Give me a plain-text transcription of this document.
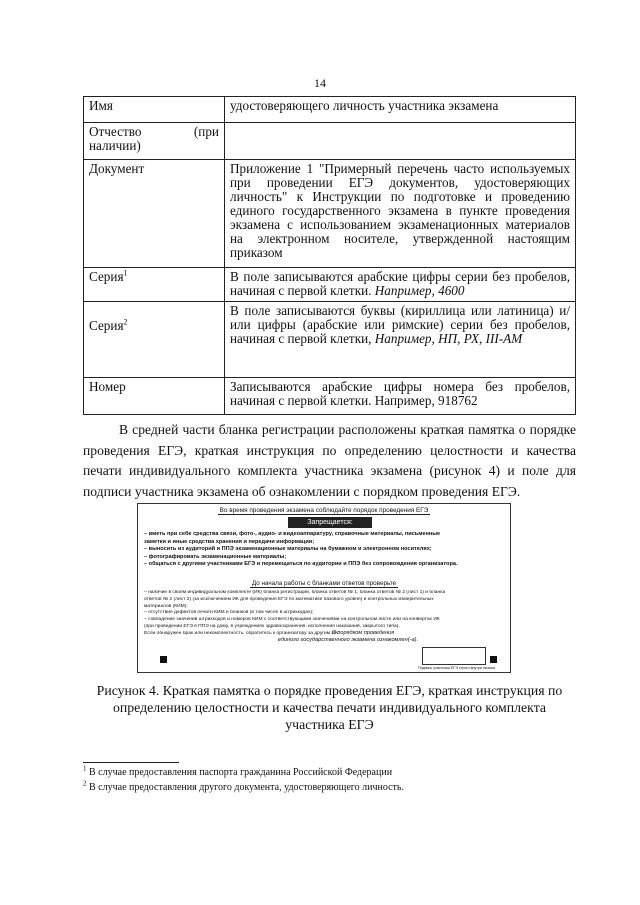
14
Имя	удостоверяющего личность участника экзамена
Отчество (при наличии)	
Документ	Приложение 1 "Примерный перечень часто используемых при проведении ЕГЭ документов, удостоверяющих личность" к Инструкции по подготовке и проведению единого государственного экзамена в пункте проведения экзамена с использованием экзаменационных материалов на электронном носителе, утвержденной настоящим приказом
Серия$^1$	В поле записываются арабские цифры серии без пробелов, начиная с первой клетки. Например, 4600
Серия$^2$	В поле записываются буквы (кириллица или латиница) и/или цифры (арабские или римские) серии без пробелов, начиная с первой клетки, Например, НП, РХ, III-АМ
Номер	Записываются арабские цифры номера без пробелов, начиная с первой клетки. Например, 918762

В средней части бланка регистрации расположены краткая памятка о порядке проведения ЕГЭ, краткая инструкция по определению целостности и качества печати индивидуального комплекта участника экзамена (рисунок 4) и поле для подписи участника экзамена об ознакомлении с порядком проведения ЕГЭ.

Во время проведения экзамена соблюдайте порядок проведения ЕГЭ
Запрещается:
– иметь при себе средства связи, фото-, аудио- и видеоаппаратуру, справочные материалы, письменные
заметки и иные средства хранения и передачи информации;
– выносить из аудиторий и ППЭ экзаменационные материалы на бумажном и электронном носителях;
– фотографировать экзаменационные материалы;
– общаться с другими участниками ЕГЭ и перемещаться по аудитории и ППЭ без сопровождения организатора.
До начала работы с бланками ответов проверьте
– наличие в своем индивидуальном комплекте (ИК) бланка регистрации, бланка ответов № 1, бланка ответов № 2 (лист 1) и бланка
ответов № 2 (лист 2) (за исключением ИК для проведения ЕГЭ по математике базового уровня) и контрольных измерительных
материалов (КИМ);
– отсутствие дефектов печати КИМ и бланков (в том числе в штрихкодах);
– совпадение значений штрихкодов и номеров КИМ с соответствующими значениями на контрольном листе или на конвертах ИК
(при проведении ЕГЭ в ППЭ на дому, в учреждениях здравоохранения, исполнения наказаний, закрытого типа).
Если обнаружен брак или некомплектность, обратитесь к организатору за другим ИК.
С порядком проведения
единого государственного экзамена ознакомлен(-а).
Подпись участника ЕГЭ строго внутри окошка

Рисунок 4. Краткая памятка о порядке проведения ЕГЭ, краткая инструкция по определению целостности и качества печати индивидуального комплекта участника ЕГЭ

$^1$ В случае предоставления паспорта гражданина Российской Федерации

$^2$ В случае предоставления другого документа, удостоверяющего личность.
